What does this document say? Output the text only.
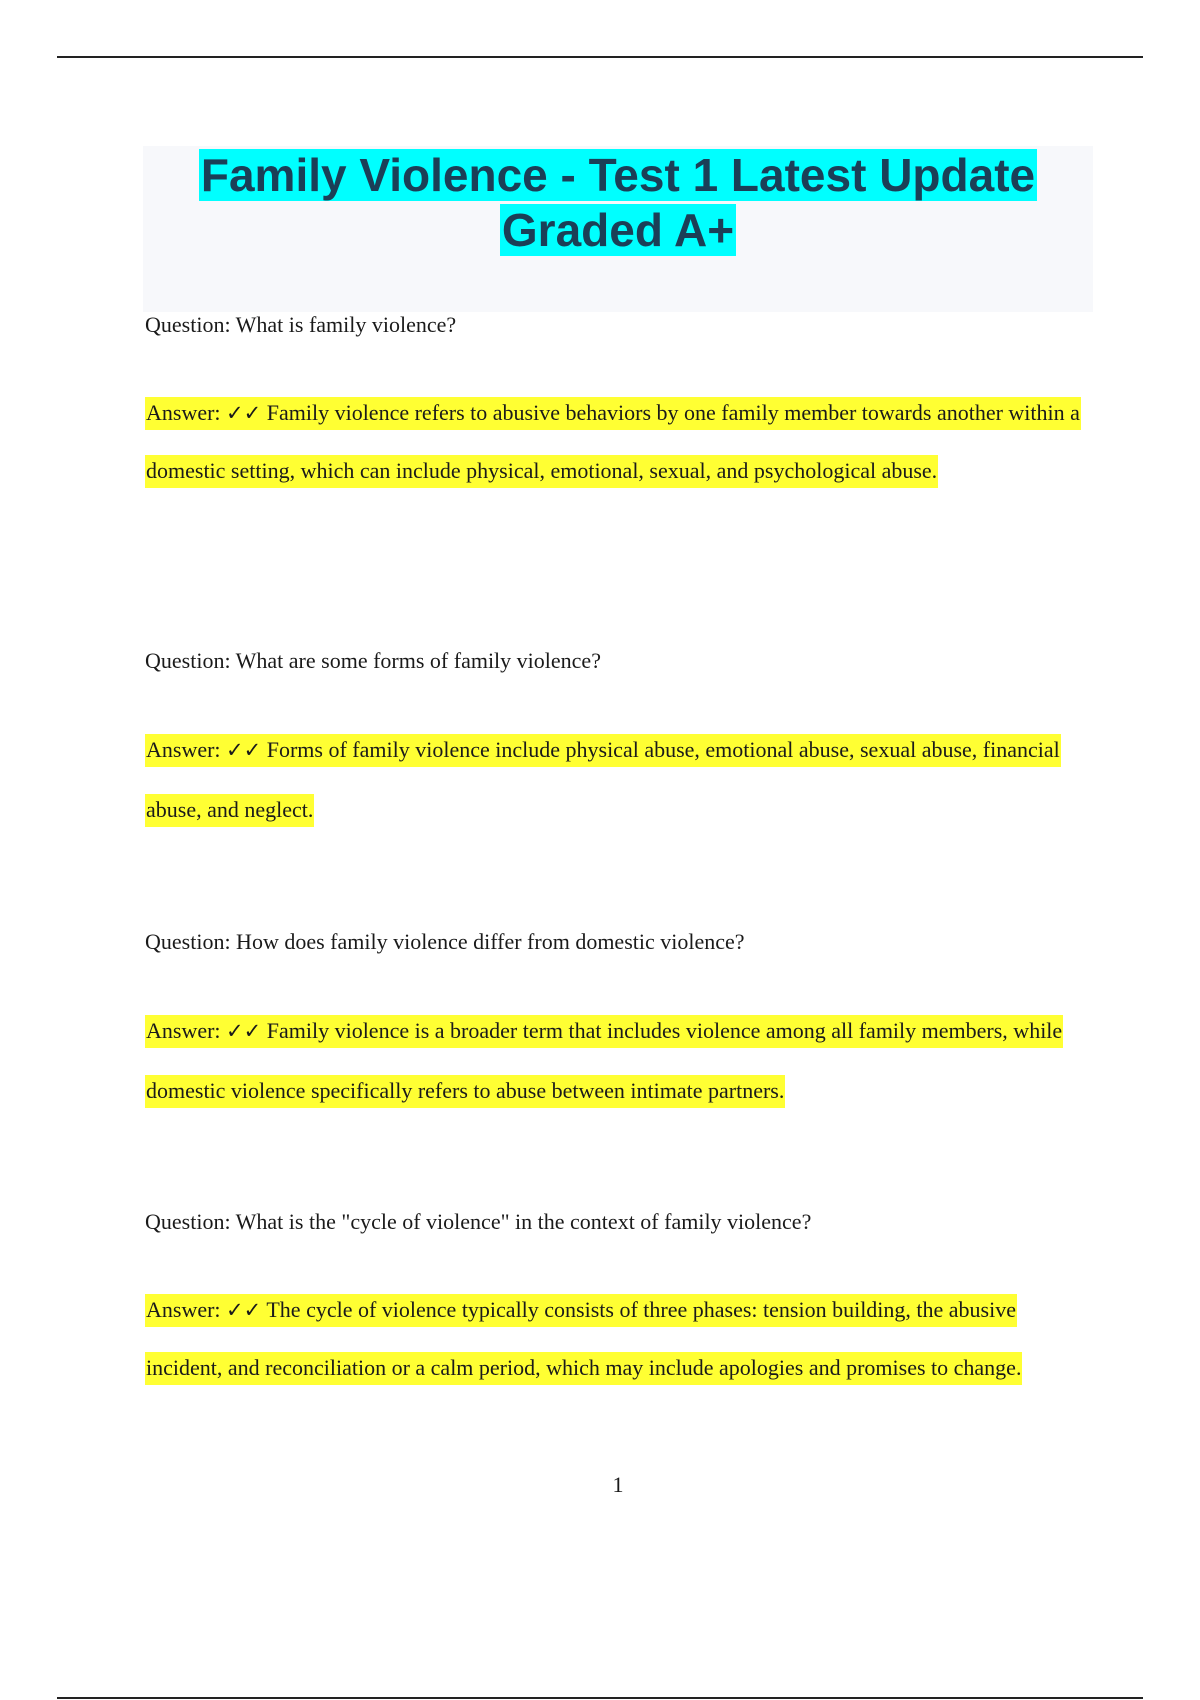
Family Violence - Test 1 Latest Update Graded A+

Question: What is family violence?

Answer: ✓✓ Family violence refers to abusive behaviors by one family member towards another within a domestic setting, which can include physical, emotional, sexual, and psychological abuse.

Question: What are some forms of family violence?

Answer: ✓✓ Forms of family violence include physical abuse, emotional abuse, sexual abuse, financial abuse, and neglect.

Question: How does family violence differ from domestic violence?

Answer: ✓✓ Family violence is a broader term that includes violence among all family members, while domestic violence specifically refers to abuse between intimate partners.

Question: What is the "cycle of violence" in the context of family violence?

Answer: ✓✓ The cycle of violence typically consists of three phases: tension building, the abusive incident, and reconciliation or a calm period, which may include apologies and promises to change.

1
